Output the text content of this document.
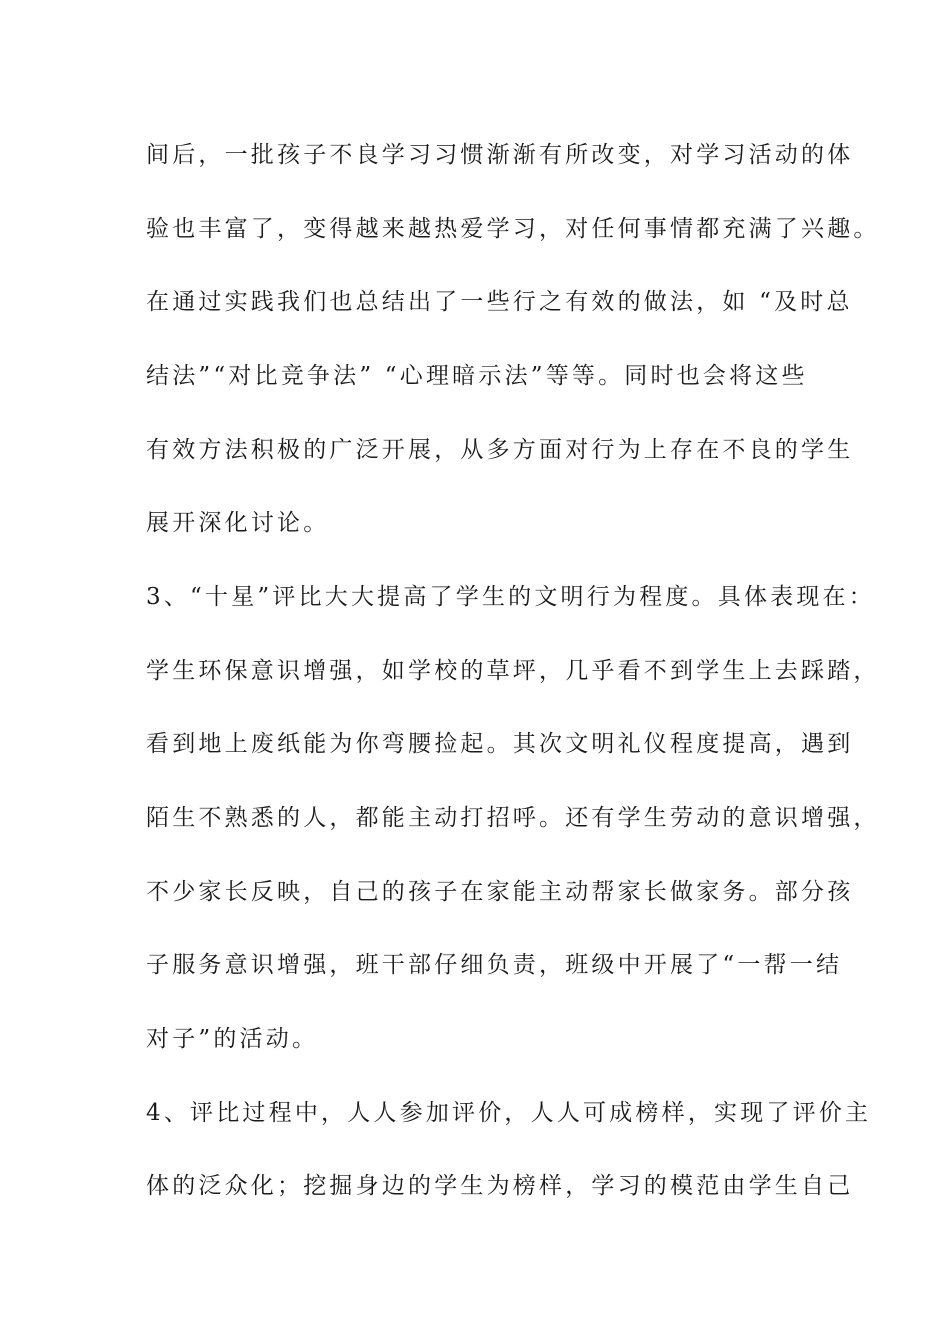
间后，一批孩子不良学习习惯渐渐有所改变，对学习活动的体
验也丰富了，变得越来越热爱学习，对任何事情都充满了兴趣。
在通过实践我们也总结出了一些行之有效的做法，如 “及时总
结法”“对比竞争法” “心理暗示法”等等。同时也会将这些
有效方法积极的广泛开展，从多方面对行为上存在不良的学生
展开深化讨论。
3、“十星”评比大大提高了学生的文明行为程度。具体表现在：
学生环保意识增强，如学校的草坪，几乎看不到学生上去踩踏，
看到地上废纸能为你弯腰捡起。其次文明礼仪程度提高，遇到
陌生不熟悉的人，都能主动打招呼。还有学生劳动的意识增强，
不少家长反映，自己的孩子在家能主动帮家长做家务。部分孩
子服务意识增强，班干部仔细负责，班级中开展了“一帮一结
对子”的活动。
4、评比过程中，人人参加评价，人人可成榜样，实现了评价主
体的泛众化；挖掘身边的学生为榜样，学习的模范由学生自己
